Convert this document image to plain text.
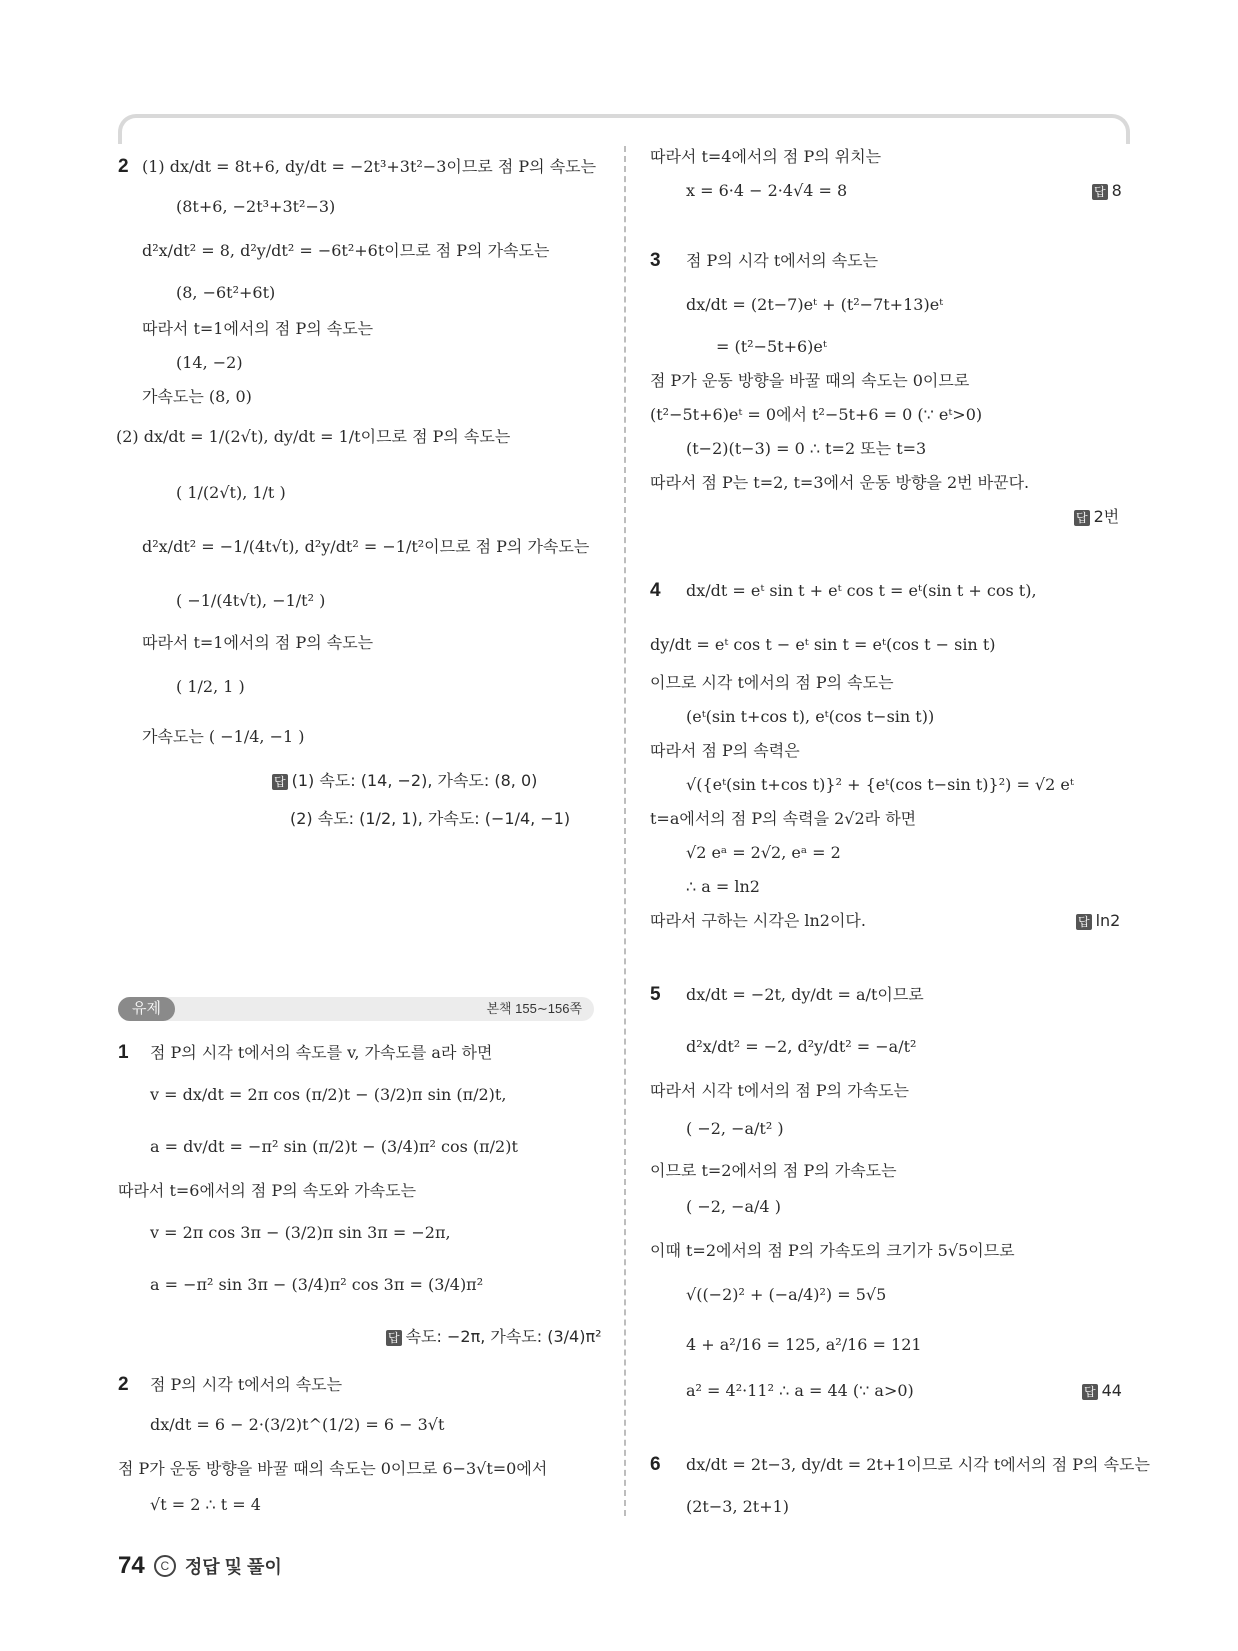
2 (1) dx/dt = 8t+6, dy/dt = −2t³+3t²−3이므로 점 P의 속도는
(8t+6, −2t³+3t²−3)
d²x/dt² = 8, d²y/dt² = −6t²+6t이므로 점 P의 가속도는
(8, −6t²+6t)
따라서 t=1에서의 점 P의 속도는
(14, −2)
가속도는 (8, 0)
(2) dx/dt = 1/(2√t), dy/dt = 1/t이므로 점 P의 속도는
( 1/(2√t), 1/t )
d²x/dt² = −1/(4t√t), d²y/dt² = −1/t²이므로 점 P의 가속도는
( −1/(4t√t), −1/t² )
따라서 t=1에서의 점 P의 속도는
( 1/2, 1 )
가속도는 ( −1/4, −1 )
답 (1) 속도: (14, −2), 가속도: (8, 0)
(2) 속도: (1/2, 1), 가속도: (−1/4, −1)
유제	본책 155∼156쪽
1 점 P의 시각 t에서의 속도를 v, 가속도를 a라 하면
v = dx/dt = 2π cos (π/2)t − (3/2)π sin (π/2)t,
a = dv/dt = −π² sin (π/2)t − (3/4)π² cos (π/2)t
따라서 t=6에서의 점 P의 속도와 가속도는
v = 2π cos 3π − (3/2)π sin 3π = −2π,
a = −π² sin 3π − (3/4)π² cos 3π = (3/4)π²
답 속도: −2π, 가속도: (3/4)π²
2 점 P의 시각 t에서의 속도는
dx/dt = 6 − 2·(3/2)t^(1/2) = 6 − 3√t
점 P가 운동 방향을 바꿀 때의 속도는 0이므로 6−3√t=0에서
√t = 2 ∴ t = 4
따라서 t=4에서의 점 P의 위치는
x = 6·4 − 2·4√4 = 8	답 8
3 점 P의 시각 t에서의 속도는
dx/dt = (2t−7)eᵗ + (t²−7t+13)eᵗ
= (t²−5t+6)eᵗ
점 P가 운동 방향을 바꿀 때의 속도는 0이므로
(t²−5t+6)eᵗ = 0에서 t²−5t+6 = 0 (∵ eᵗ>0)
(t−2)(t−3) = 0 ∴ t=2 또는 t=3
따라서 점 P는 t=2, t=3에서 운동 방향을 2번 바꾼다.
답 2번
4 dx/dt = eᵗ sin t + eᵗ cos t = eᵗ(sin t + cos t),
dy/dt = eᵗ cos t − eᵗ sin t = eᵗ(cos t − sin t)
이므로 시각 t에서의 점 P의 속도는
(eᵗ(sin t+cos t), eᵗ(cos t−sin t))
따라서 점 P의 속력은
√({eᵗ(sin t+cos t)}² + {eᵗ(cos t−sin t)}²) = √2 eᵗ
t=a에서의 점 P의 속력을 2√2라 하면
√2 eᵃ = 2√2, eᵃ = 2
∴ a = ln2
따라서 구하는 시각은 ln2이다.	답 ln2
5 dx/dt = −2t, dy/dt = a/t이므로
d²x/dt² = −2, d²y/dt² = −a/t²
따라서 시각 t에서의 점 P의 가속도는
( −2, −a/t² )
이므로 t=2에서의 점 P의 가속도는
( −2, −a/4 )
이때 t=2에서의 점 P의 가속도의 크기가 5√5이므로
√((−2)² + (−a/4)²) = 5√5
4 + a²/16 = 125, a²/16 = 121
a² = 4²·11² ∴ a = 44 (∵ a>0)	답 44
6 dx/dt = 2t−3, dy/dt = 2t+1이므로 시각 t에서의 점 P의 속도는
(2t−3, 2t+1)
74 C 정답 및 풀이
